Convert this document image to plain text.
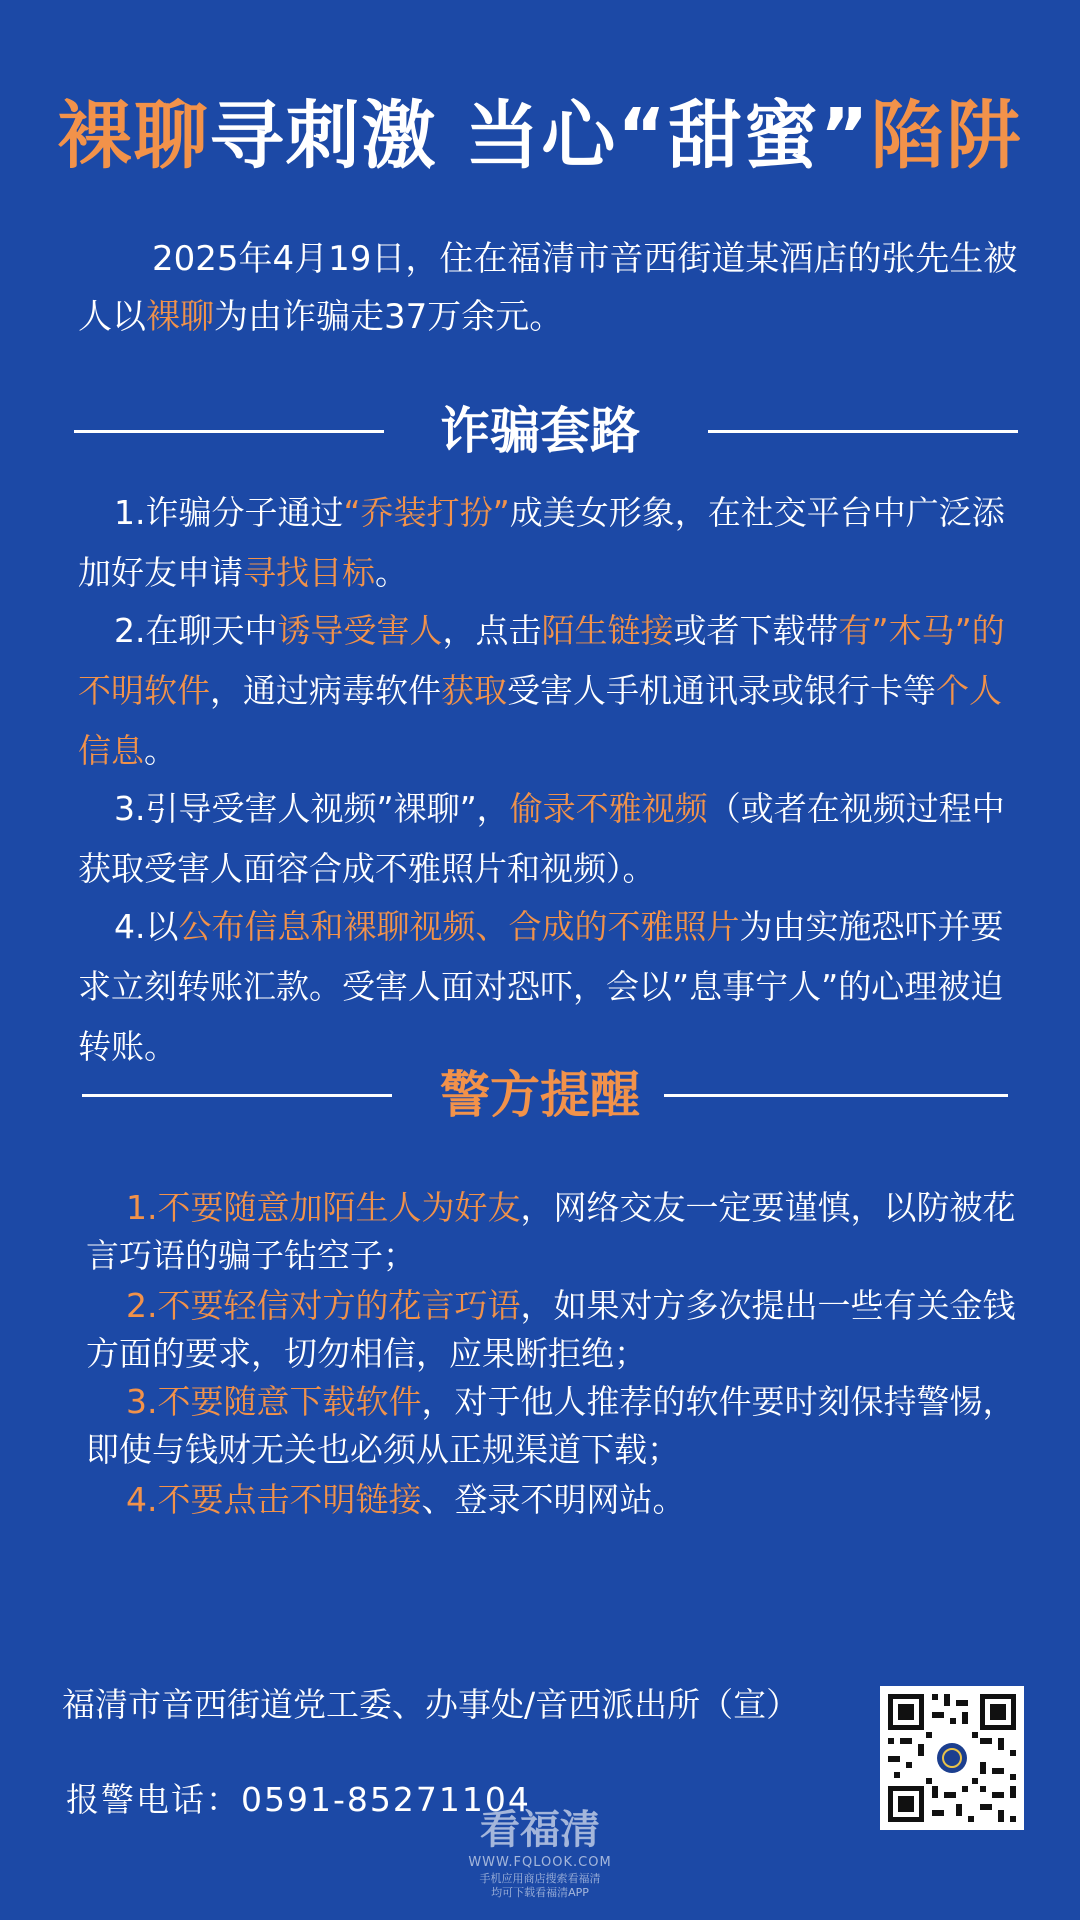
裸聊寻刺激 当心“甜蜜”陷阱
2025年4月19日，住在福清市音西街道某酒店的张先生被人以裸聊为由诈骗走37万余元。
诈骗套路
1.诈骗分子通过“乔装打扮”成美女形象，在社交平台中广泛添加好友申请寻找目标。
2.在聊天中诱导受害人，点击陌生链接或者下载带有”木马”的不明软件，通过病毒软件获取受害人手机通讯录或银行卡等个人信息。
3.引导受害人视频”裸聊”，偷录不雅视频（或者在视频过程中获取受害人面容合成不雅照片和视频）。
4.以公布信息和裸聊视频、合成的不雅照片为由实施恐吓并要求立刻转账汇款。受害人面对恐吓，会以”息事宁人”的心理被迫转账。
警方提醒
1.不要随意加陌生人为好友，网络交友一定要谨慎，以防被花言巧语的骗子钻空子；
2.不要轻信对方的花言巧语，如果对方多次提出一些有关金钱方面的要求，切勿相信，应果断拒绝；
3.不要随意下载软件，对于他人推荐的软件要时刻保持警惕，即使与钱财无关也必须从正规渠道下载；
4.不要点击不明链接、登录不明网站。
福清市音西街道党工委、办事处/音西派出所（宣）
报警电话：0591-85271104
看福清
WWW.FQLOOK.COM
手机应用商店搜索看福清
均可下载看福清APP
